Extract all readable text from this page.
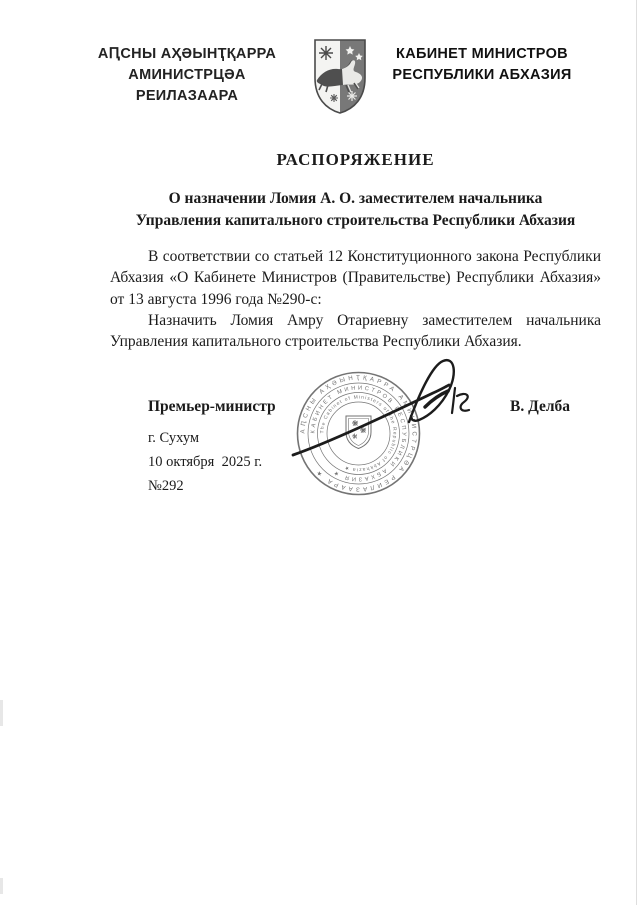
АԤСНЫ АҲӘЫНҬҚАРРА
АМИНИСТРЦӘА РЕИЛАЗААРА
КАБИНЕТ МИНИСТРОВ
РЕСПУБЛИКИ АБХАЗИЯ
РАСПОРЯЖЕНИЕ
О назначении Ломия А. О. заместителем начальника
Управления капитального строительства Республики Абхазия
В соответствии со статьей 12 Конституционного закона Республики Абхазия «О Кабинете Министров (Правительстве) Республики Абхазия» от 13 августа 1996 года №290-с:
Назначить Ломия Амру Отариевну заместителем начальника Управления капитального строительства Республики Абхазия.
АԤСНЫ АҲӘЫНҬҚАРРА АМИНИСТРЦӘА РЕИЛАЗААРА ★
КАБИНЕТ МИНИСТРОВ РЕСПУБЛИКИ АБХАЗИЯ ★
The Cabinet of Ministers of the Republic of Abkhazia ★
Премьер-министр	В. Делба
г. Сухум
10 октября  2025 г.
№292
